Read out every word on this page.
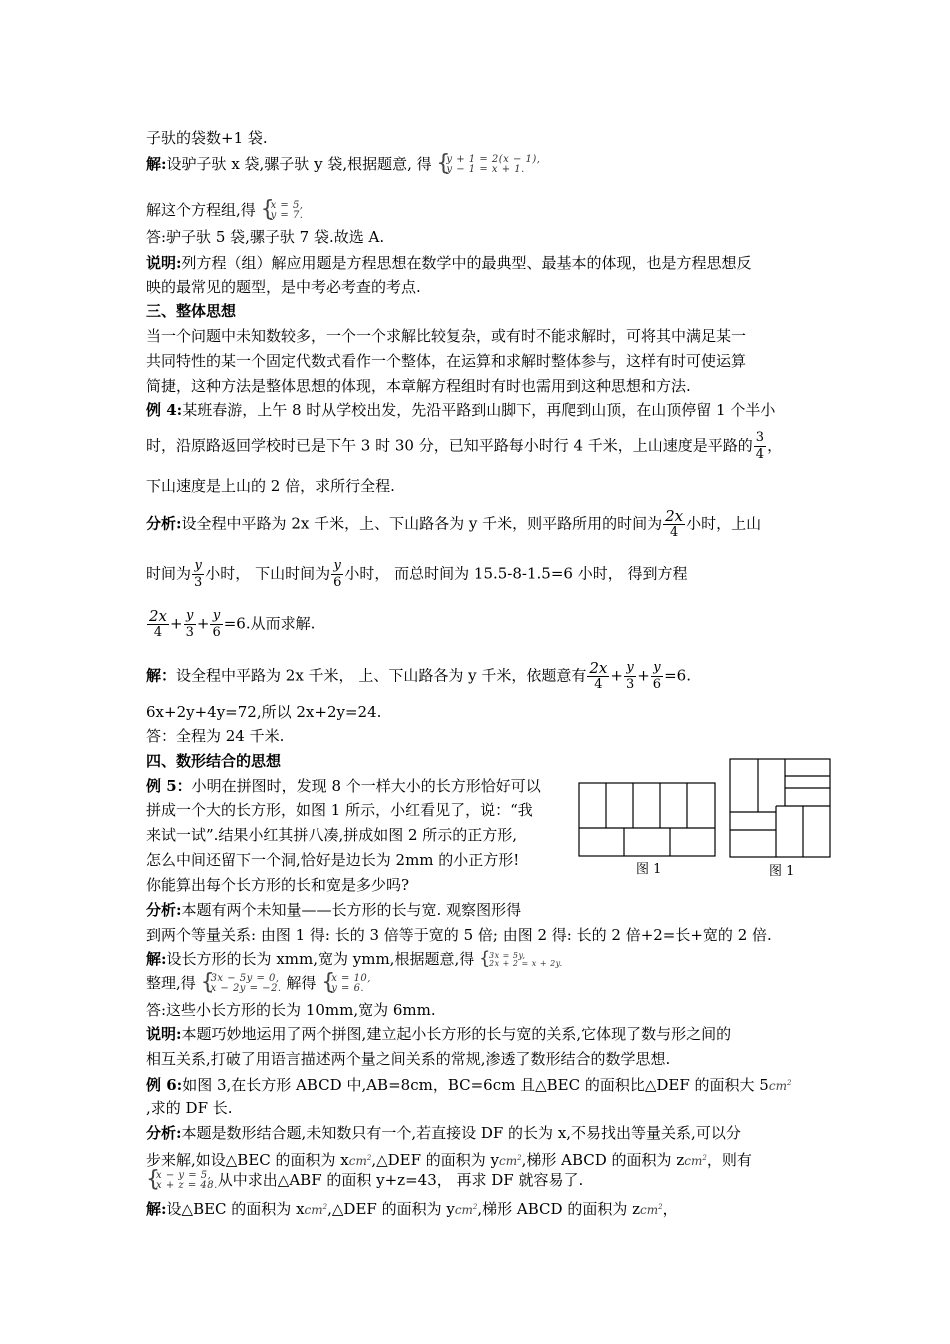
子驮的袋数+1 袋.
解:设驴子驮 x 袋,骡子驮 y 袋,根据题意, 得 {
y + 1 = 2(x − 1),
y − 1 = x + 1.
解这个方程组,得 {
x = 5,
y = 7.
答:驴子驮 5 袋,骡子驮 7 袋.故选 A.
说明:列方程（组）解应用题是方程思想在数学中的最典型、最基本的体现，也是方程思想反
映的最常见的题型，是中考必考查的考点.
三、整体思想
当一个问题中未知数较多，一个一个求解比较复杂，或有时不能求解时，可将其中满足某一
共同特性的某一个固定代数式看作一个整体，在运算和求解时整体参与，这样有时可使运算
简捷，这种方法是整体思想的体现，本章解方程组时有时也需用到这种思想和方法.
例 4:某班春游，上午 8 时从学校出发，先沿平路到山脚下，再爬到山顶，在山顶停留 1 个半小
时，沿原路返回学校时已是下午 3 时 30 分，已知平路每小时行 4 千米，上山速度是平路的 $\frac{3}{4}$ ，
下山速度是上山的 2 倍，求所行全程.
分析:设全程中平路为 2x 千米，上、下山路各为 y 千米，则平路所用的时间为 $\frac{2x}{4}$ 小时，上山
时间为 $\frac{y}{3}$ 小时， 下山时间为 $\frac{y}{6}$ 小时， 而总时间为 15.5-8-1.5=6 小时， 得到方程
$\frac{2x}{4} + \frac{y}{3} + \frac{y}{6} =6$.从而求解.
解：设全程中平路为 2x 千米， 上、下山路各为 y 千米，依题意有 $\frac{2x}{4} + \frac{y}{3} + \frac{y}{6} =6$.
6x+2y+4y=72,所以 2x+2y=24.
答：全程为 24 千米.
四、数形结合的思想
例 5：小明在拼图时，发现 8 个一样大小的长方形恰好可以
拼成一个大的长方形，如图 1 所示，小红看见了，说：“我
来试一试”.结果小红其拼八凑,拼成如图 2 所示的正方形,
怎么中间还留下一个洞,恰好是边长为 2mm 的小正方形!
你能算出每个长方形的长和宽是多少吗?
分析:本题有两个未知量——长方形的长与宽. 观察图形得
到两个等量关系: 由图 1 得: 长的 3 倍等于宽的 5 倍; 由图 2 得: 长的 2 倍+2=长+宽的 2 倍.
解:设长方形的长为 xmm,宽为 ymm,根据题意,得 {
3x = 5y,
2x + 2 = x + 2y.
整理,得 {
3x − 5y = 0,
x − 2y = −2. 解得 {
x = 10,
y = 6.
答:这些小长方形的长为 10mm,宽为 6mm.
说明:本题巧妙地运用了两个拼图,建立起小长方形的长与宽的关系,它体现了数与形之间的
相互关系,打破了用语言描述两个量之间关系的常规,渗透了数形结合的数学思想.
例 6:如图 3,在长方形 ABCD 中,AB=8cm，BC=6cm 且△BEC 的面积比△DEF 的面积大 $5cm^2$
,求的 DF 长.
分析:本题是数形结合题,未知数只有一个,若直接设 DF 的长为 x,不易找出等量关系,可以分
步来解,如设△BEC 的面积为 xcm$^2$,△DEF 的面积为 ycm$^2$,梯形 ABCD 的面积为 zcm$^2$，则有
{
x − y = 5,
x + z = 48. 从中求出△ABF 的面积 y+z=43， 再求 DF 就容易了.
解:设△BEC 的面积为 xcm$^2$,△DEF 的面积为 ycm$^2$,梯形 ABCD 的面积为 zcm$^2$，
图 1	图 1
